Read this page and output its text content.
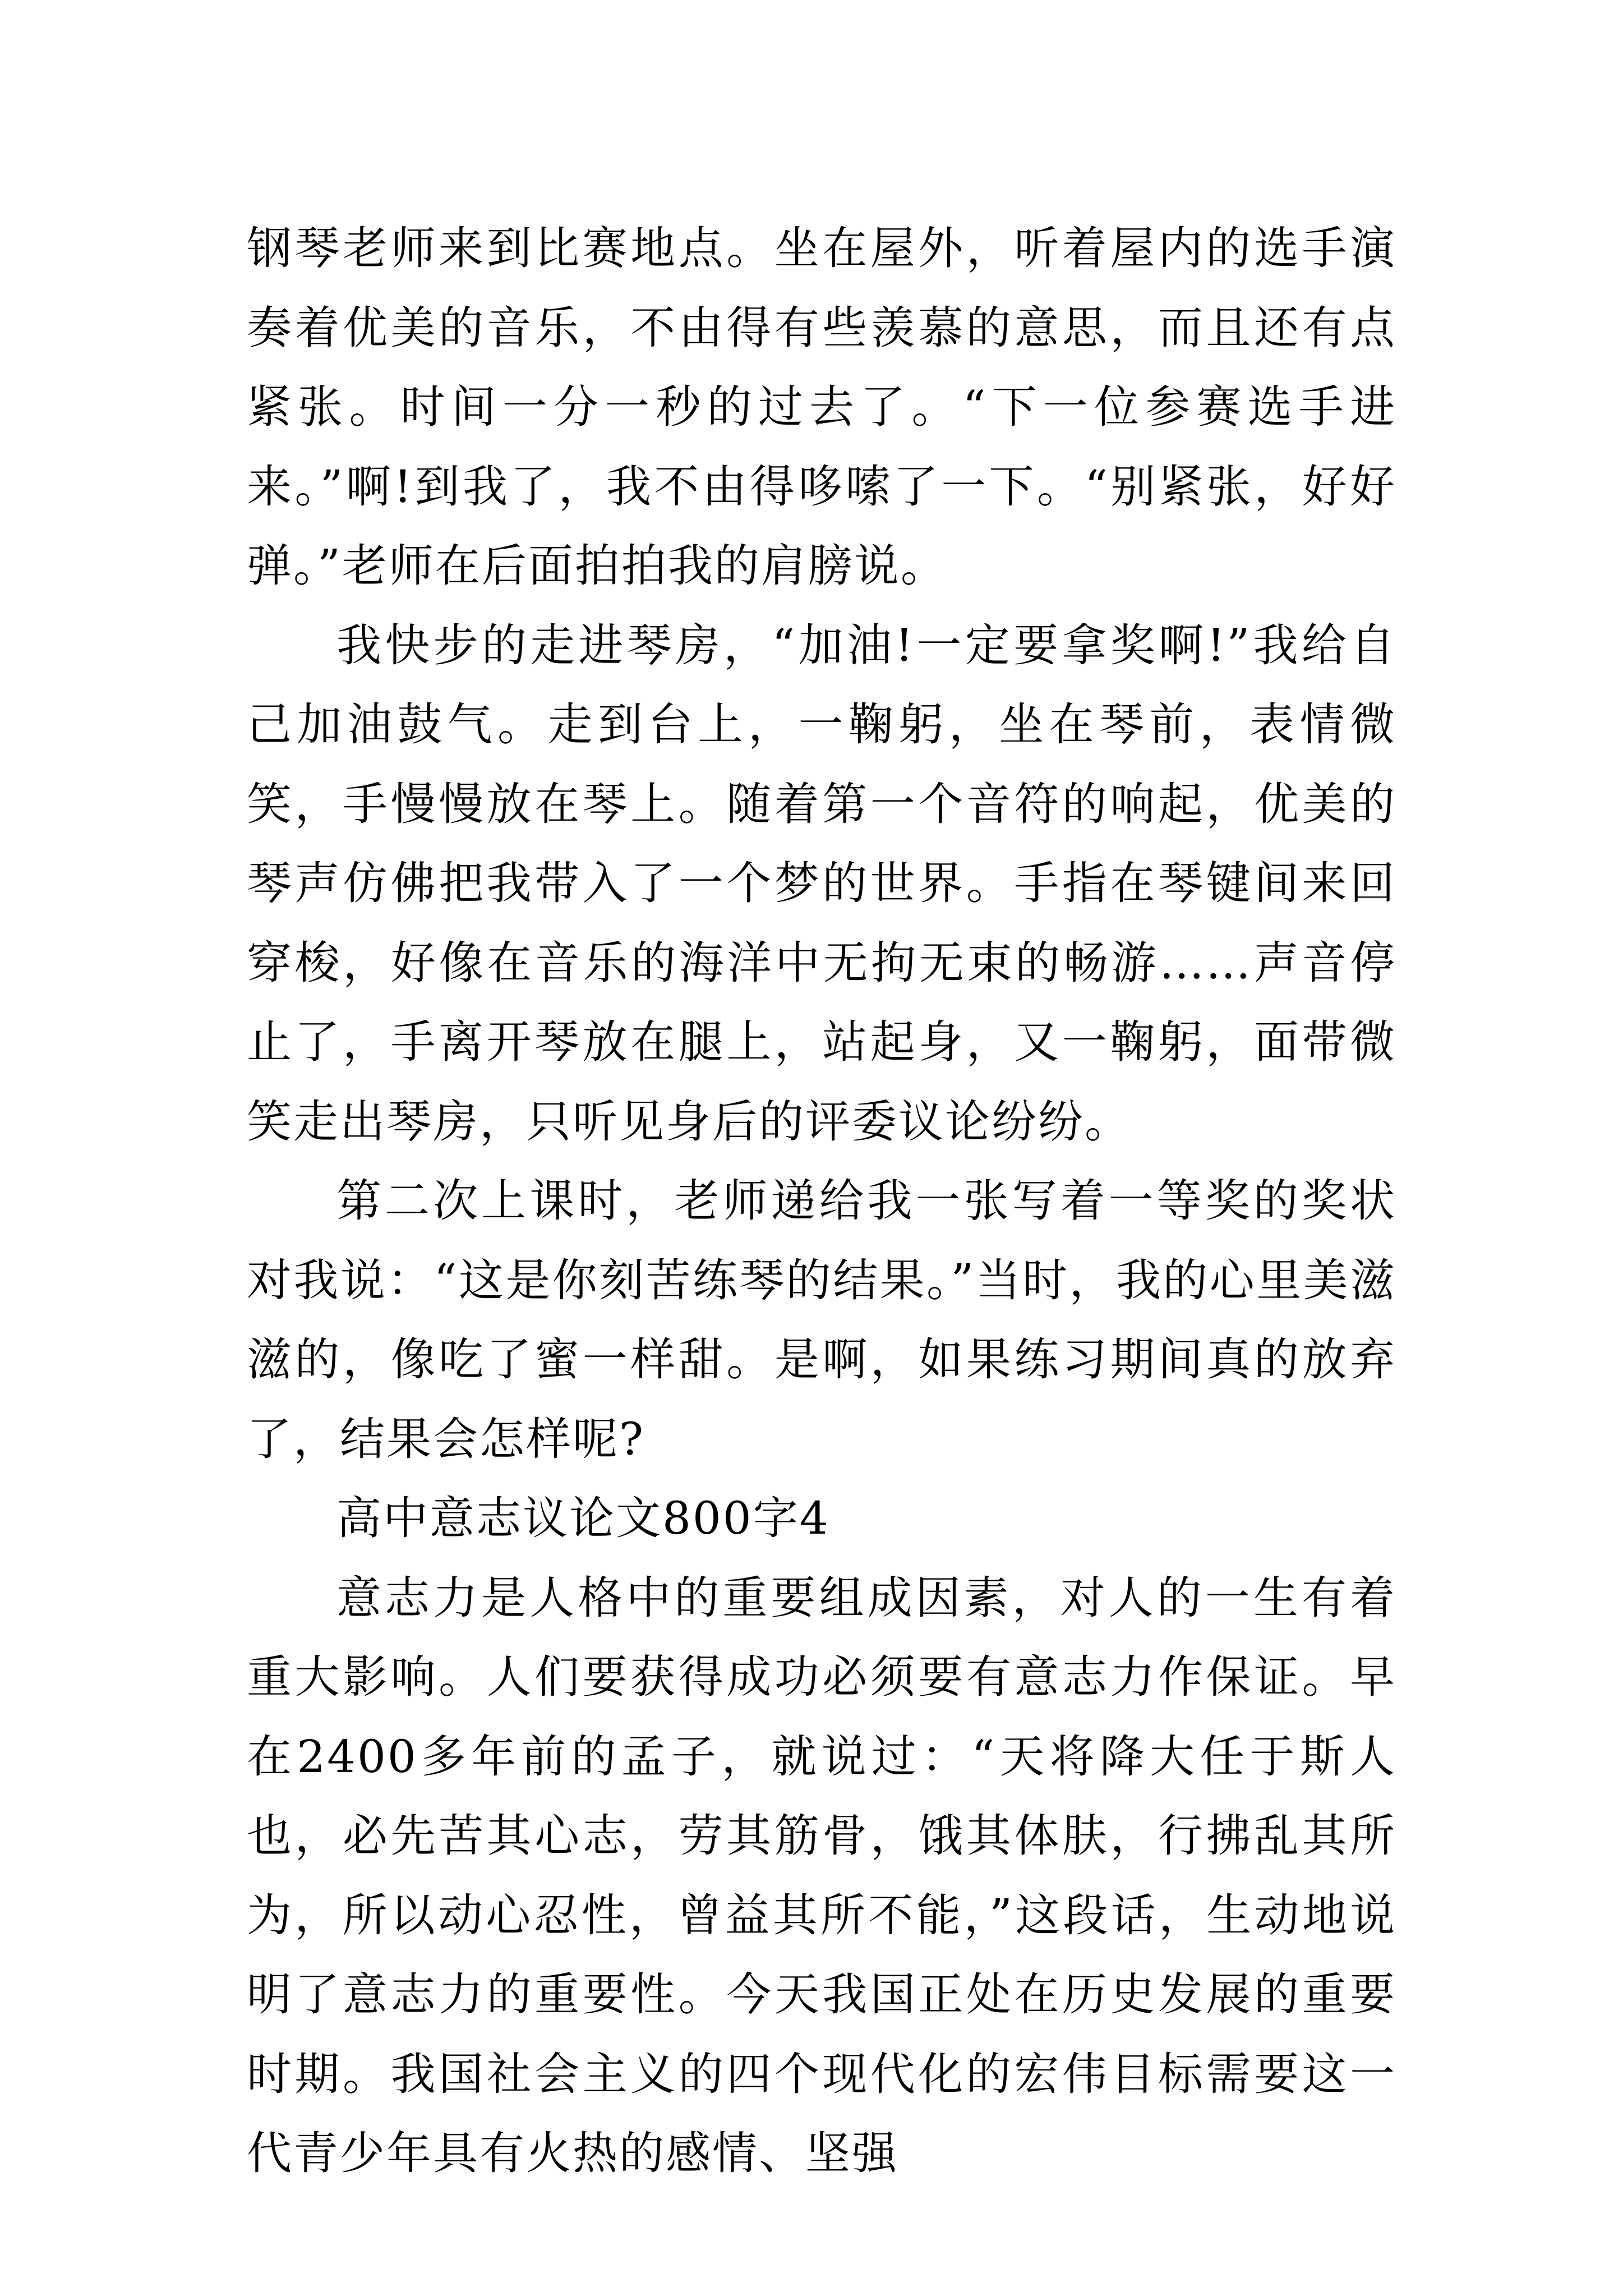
钢琴老师来到比赛地点。坐在屋外，听着屋内的选手演奏着优美的音乐，不由得有些羡慕的意思，而且还有点紧张。时间一分一秒的过去了。“下一位参赛选手进来。”啊!到我了，我不由得哆嗦了一下。“别紧张，好好弹。”老师在后面拍拍我的肩膀说。

我快步的走进琴房，“加油!一定要拿奖啊!”我给自己加油鼓气。走到台上，一鞠躬，坐在琴前，表情微笑，手慢慢放在琴上。随着第一个音符的响起，优美的琴声仿佛把我带入了一个梦的世界。手指在琴键间来回穿梭，好像在音乐的海洋中无拘无束的畅游……声音停止了，手离开琴放在腿上，站起身，又一鞠躬，面带微笑走出琴房，只听见身后的评委议论纷纷。

第二次上课时，老师递给我一张写着一等奖的奖状对我说：“这是你刻苦练琴的结果。”当时，我的心里美滋滋的，像吃了蜜一样甜。是啊，如果练习期间真的放弃了，结果会怎样呢?

高中意志议论文800字4

意志力是人格中的重要组成因素，对人的一生有着重大影响。人们要获得成功必须要有意志力作保证。早在2400多年前的孟子，就说过：“天将降大任于斯人也，必先苦其心志，劳其筋骨，饿其体肤，行拂乱其所为，所以动心忍性，曾益其所不能，”这段话，生动地说明了意志力的重要性。今天我国正处在历史发展的重要时期。我国社会主义的四个现代化的宏伟目标需要这一代青少年具有火热的感情、坚强
